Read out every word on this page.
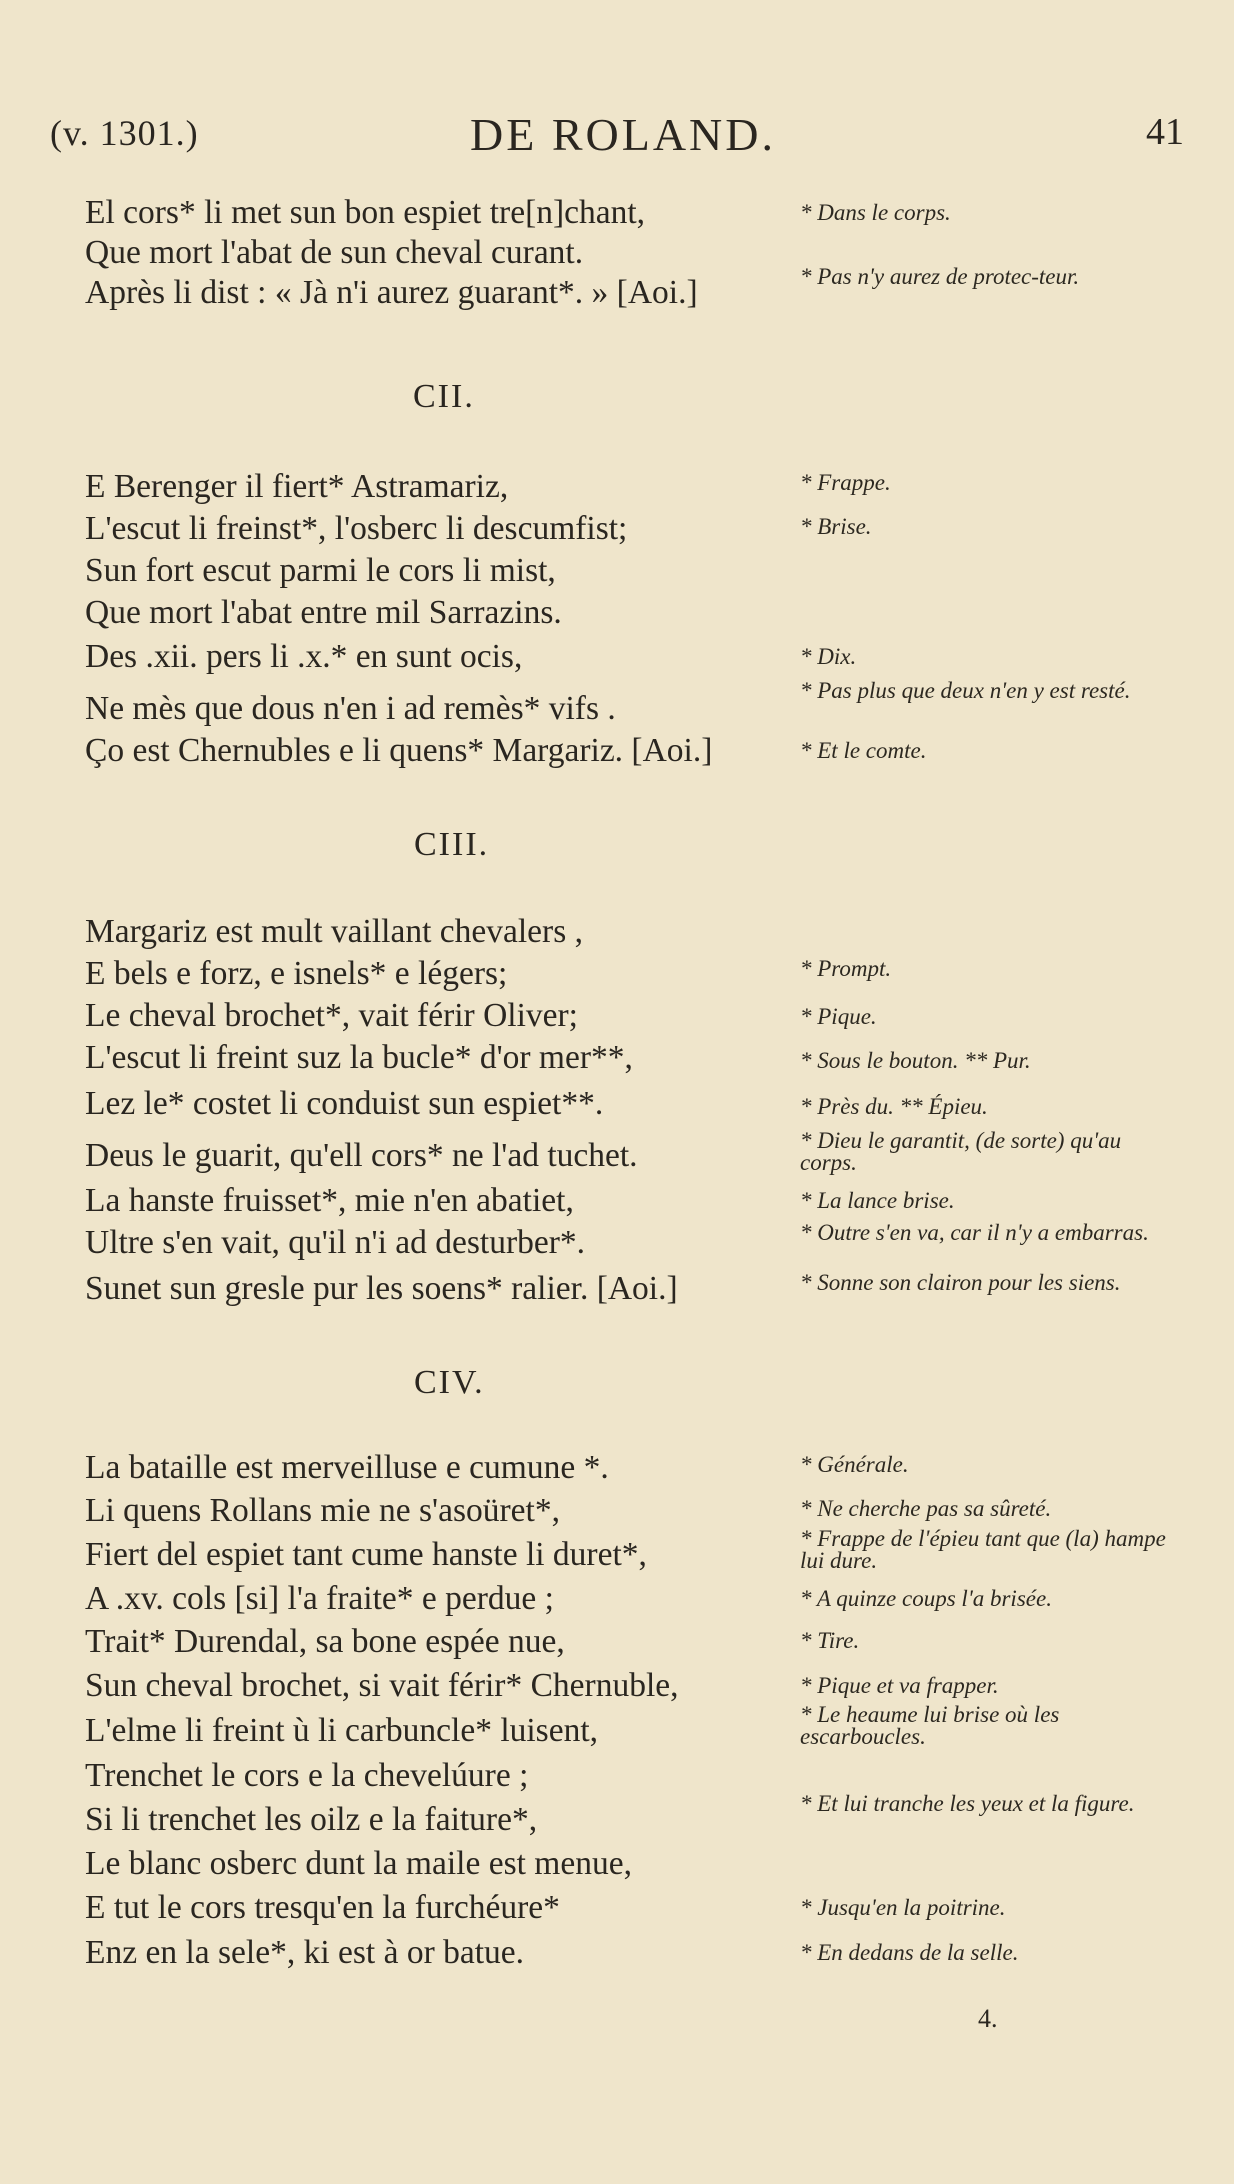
(v. 1301.)	DE ROLAND.	41
El cors* li met sun bon espiet tre[n]chant,
Que mort l'abat de sun cheval curant.
Après li dist : « Jà n'i aurez guarant*. » [Aoi.]
* Dans le corps.
* Pas n'y aurez de protec-teur.
CII.
E Berenger il fiert* Astramariz,
L'escut li freinst*, l'osberc li descumfist;
Sun fort escut parmi le cors li mist,
Que mort l'abat entre mil Sarrazins.
Des .xii. pers li .x.* en sunt ocis,
Ne mès que dous n'en i ad remès* vifs .
Ço est Chernubles e li quens* Margariz. [Aoi.]
* Frappe.
* Brise.
* Dix.
* Pas plus que deux n'en y est resté.
* Et le comte.
CIII.
Margariz est mult vaillant chevalers ,
E bels e forz, e isnels* e légers;
Le cheval brochet*, vait férir Oliver;
L'escut li freint suz la bucle* d'or mer**,
Lez le* costet li conduist sun espiet**.
Deus le guarit, qu'ell cors* ne l'ad tuchet.
La hanste fruisset*, mie n'en abatiet,
Ultre s'en vait, qu'il n'i ad desturber*.
Sunet sun gresle pur les soens* ralier. [Aoi.]
* Prompt.
* Pique.
* Sous le bouton. ** Pur.
* Près du. ** Épieu.
* Dieu le garantit, (de sorte) qu'au corps.
* La lance brise.
* Outre s'en va, car il n'y a embarras.
* Sonne son clairon pour les siens.
CIV.
La bataille est merveilluse e cumune *.
Li quens Rollans mie ne s'asoüret*,
Fiert del espiet tant cume hanste li duret*,
A .xv. cols [si] l'a fraite* e perdue ;
Trait* Durendal, sa bone espée nue,
Sun cheval brochet, si vait férir* Chernuble,
L'elme li freint ù li carbuncle* luisent,
Trenchet le cors e la chevelúure ;
Si li trenchet les oilz e la faiture*,
Le blanc osberc dunt la maile est menue,
E tut le cors tresqu'en la furchéure*
Enz en la sele*, ki est à or batue.
* Générale.
* Ne cherche pas sa sûreté.
* Frappe de l'épieu tant que (la) hampe lui dure.
* A quinze coups l'a brisée.
* Tire.
* Pique et va frapper.
* Le heaume lui brise où les escarboucles.
* Et lui tranche les yeux et la figure.
* Jusqu'en la poitrine.
* En dedans de la selle.
4.
